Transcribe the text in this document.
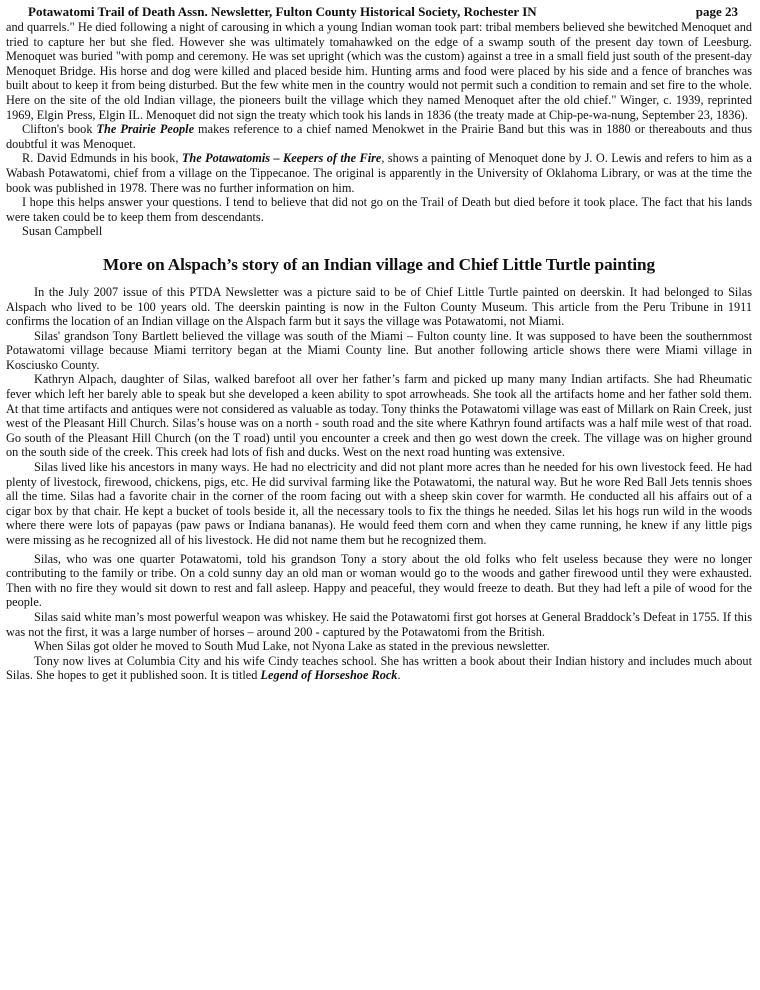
Potawatomi Trail of Death Assn. Newsletter, Fulton County Historical Society, Rochester IN	page 23

and quarrels." He died following a night of carousing in which a young Indian woman took part: tribal members believed she bewitched Menoquet and tried to capture her but she fled. However she was ultimately tomahawked on the edge of a swamp south of the present day town of Leesburg. Menoquet was buried "with pomp and ceremony. He was set upright (which was the custom) against a tree in a small field just south of the present-day Menoquet Bridge. His horse and dog were killed and placed beside him. Hunting arms and food were placed by his side and a fence of branches was built about to keep it from being disturbed. But the few white men in the country would not permit such a condition to remain and set fire to the whole. Here on the site of the old Indian village, the pioneers built the village which they named Menoquet after the old chief." Winger, c. 1939, reprinted 1969, Elgin Press, Elgin IL. Menoquet did not sign the treaty which took his lands in 1836 (the treaty made at Chip-pe-wa-nung, September 23, 1836).

Clifton's book The Prairie People makes reference to a chief named Menokwet in the Prairie Band but this was in 1880 or thereabouts and thus doubtful it was Menoquet.

R. David Edmunds in his book, The Potawatomis – Keepers of the Fire, shows a painting of Menoquet done by J. O. Lewis and refers to him as a Wabash Potawatomi, chief from a village on the Tippecanoe. The original is apparently in the University of Oklahoma Library, or was at the time the book was published in 1978. There was no further information on him.

I hope this helps answer your questions. I tend to believe that did not go on the Trail of Death but died before it took place. The fact that his lands were taken could be to keep them from descendants.

Susan Campbell

More on Alspach’s story of an Indian village and Chief Little Turtle painting

In the July 2007 issue of this PTDA Newsletter was a picture said to be of Chief Little Turtle painted on deerskin. It had belonged to Silas Alspach who lived to be 100 years old. The deerskin painting is now in the Fulton County Museum. This article from the Peru Tribune in 1911 confirms the location of an Indian village on the Alspach farm but it says the village was Potawatomi, not Miami.

Silas' grandson Tony Bartlett believed the village was south of the Miami – Fulton county line. It was supposed to have been the southernmost Potawatomi village because Miami territory began at the Miami County line. But another following article shows there were Miami village in Kosciusko County.

Kathryn Alpach, daughter of Silas, walked barefoot all over her father’s farm and picked up many many Indian artifacts. She had Rheumatic fever which left her barely able to speak but she developed a keen ability to spot arrowheads. She took all the artifacts home and her father sold them. At that time artifacts and antiques were not considered as valuable as today. Tony thinks the Potawatomi village was east of Millark on Rain Creek, just west of the Pleasant Hill Church. Silas’s house was on a north - south road and the site where Kathryn found artifacts was a half mile west of that road. Go south of the Pleasant Hill Church (on the T road) until you encounter a creek and then go west down the creek. The village was on higher ground on the south side of the creek. This creek had lots of fish and ducks. West on the next road hunting was extensive.

Silas lived like his ancestors in many ways. He had no electricity and did not plant more acres than he needed for his own livestock feed. He had plenty of livestock, firewood, chickens, pigs, etc. He did survival farming like the Potawatomi, the natural way. But he wore Red Ball Jets tennis shoes all the time. Silas had a favorite chair in the corner of the room facing out with a sheep skin cover for warmth. He conducted all his affairs out of a cigar box by that chair. He kept a bucket of tools beside it, all the necessary tools to fix the things he needed. Silas let his hogs run wild in the woods where there were lots of papayas (paw paws or Indiana bananas). He would feed them corn and when they came running, he knew if any little pigs were missing as he recognized all of his livestock. He did not name them but he recognized them.

Silas, who was one quarter Potawatomi, told his grandson Tony a story about the old folks who felt useless because they were no longer contributing to the family or tribe. On a cold sunny day an old man or woman would go to the woods and gather firewood until they were exhausted. Then with no fire they would sit down to rest and fall asleep. Happy and peaceful, they would freeze to death. But they had left a pile of wood for the people.

Silas said white man’s most powerful weapon was whiskey. He said the Potawatomi first got horses at General Braddock’s Defeat in 1755. If this was not the first, it was a large number of horses – around 200 - captured by the Potawatomi from the British.

When Silas got older he moved to South Mud Lake, not Nyona Lake as stated in the previous newsletter.

Tony now lives at Columbia City and his wife Cindy teaches school. She has written a book about their Indian history and includes much about Silas. She hopes to get it published soon. It is titled Legend of Horseshoe Rock.
